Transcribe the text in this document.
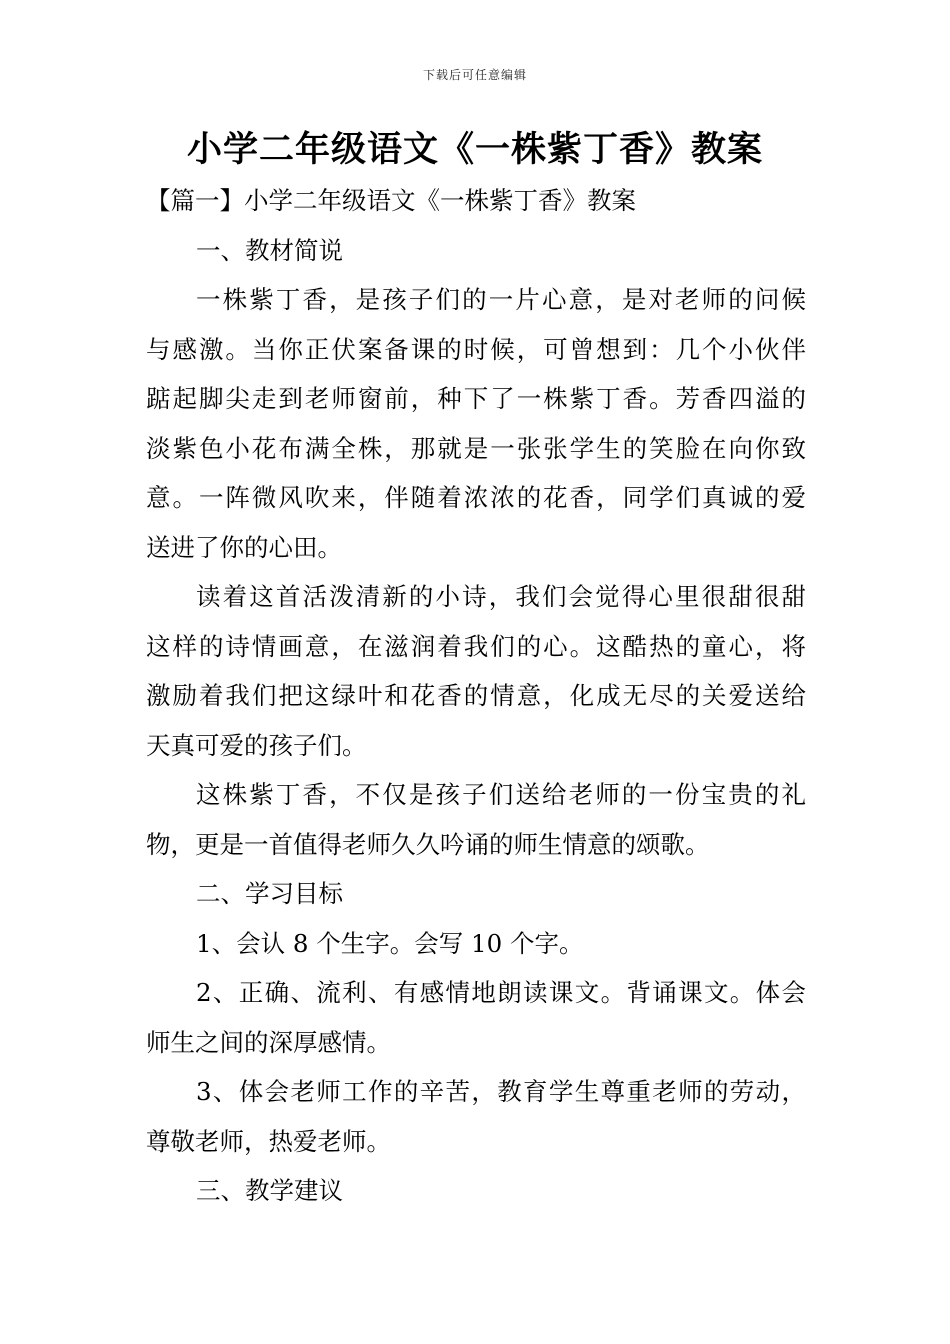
下载后可任意编辑
小学二年级语文《一株紫丁香》教案
【篇一】小学二年级语文《一株紫丁香》教案
一、教材简说
一株紫丁香，是孩子们的一片心意，是对老师的问候
与感激。当你正伏案备课的时候，可曾想到：几个小伙伴
踮起脚尖走到老师窗前，种下了一株紫丁香。芳香四溢的
淡紫色小花布满全株，那就是一张张学生的笑脸在向你致
意。一阵微风吹来，伴随着浓浓的花香，同学们真诚的爱
送进了你的心田。
读着这首活泼清新的小诗，我们会觉得心里很甜很甜
这样的诗情画意，在滋润着我们的心。这酷热的童心，将
激励着我们把这绿叶和花香的情意，化成无尽的关爱送给
天真可爱的孩子们。
这株紫丁香，不仅是孩子们送给老师的一份宝贵的礼
物，更是一首值得老师久久吟诵的师生情意的颂歌。
二、学习目标
1、会认 8 个生字。会写 10 个字。
2、正确、流利、有感情地朗读课文。背诵课文。体会
师生之间的深厚感情。
3、体会老师工作的辛苦，教育学生尊重老师的劳动，
尊敬老师，热爱老师。
三、教学建议
